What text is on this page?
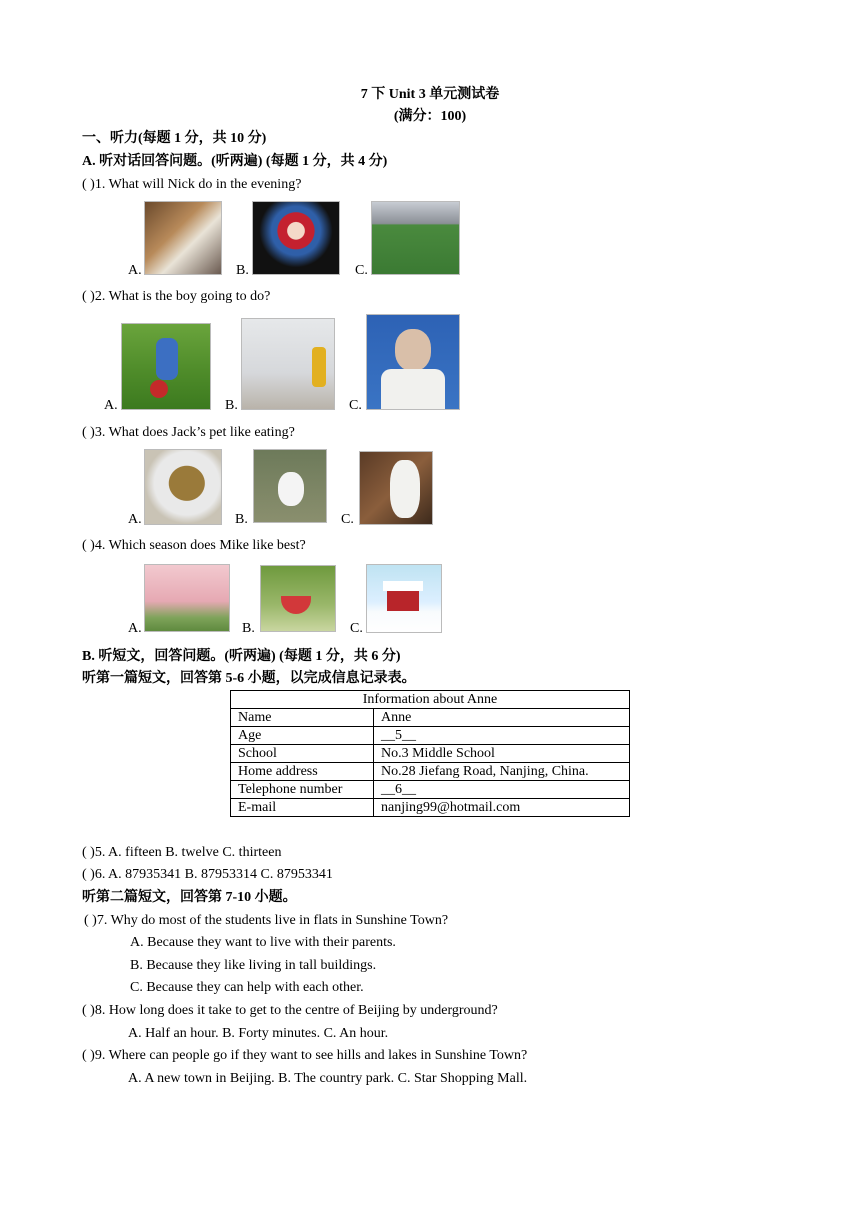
7 下 Unit 3 单元测试卷
(满分：100)
一、听力(每题 1 分，共 10 分)
A. 听对话回答问题。(听两遍) (每题 1 分，共 4 分)
( )1. What will Nick do in the evening?
A.	B.	C.
( )2. What is the boy going to do?
A.	B.	C.
( )3. What does Jack’s pet like eating?
A.	B.	C.
( )4. Which season does Mike like best?
A.	B.	C.
B. 听短文，回答问题。(听两遍) (每题 1 分，共 6 分)
听第一篇短文，回答第 5-6 小题，以完成信息记录表。
Information about Anne	
Name	Anne
Age	__5__
School	No.3 Middle School
Home address	No.28 Jiefang Road, Nanjing, China.
Telephone number	__6__
E-mail	nanjing99@hotmail.com
( )5. A. fifteen B. twelve C. thirteen
( )6. A. 87935341 B. 87953314 C. 87953341
听第二篇短文，回答第 7-10 小题。
( )7. Why do most of the students live in flats in Sunshine Town?
A. Because they want to live with their parents.
B. Because they like living in tall buildings.
C. Because they can help with each other.
( )8. How long does it take to get to the centre of Beijing by underground?
A. Half an hour. B. Forty minutes. C. An hour.
( )9. Where can people go if they want to see hills and lakes in Sunshine Town?
A. A new town in Beijing. B. The country park. C. Star Shopping Mall.
